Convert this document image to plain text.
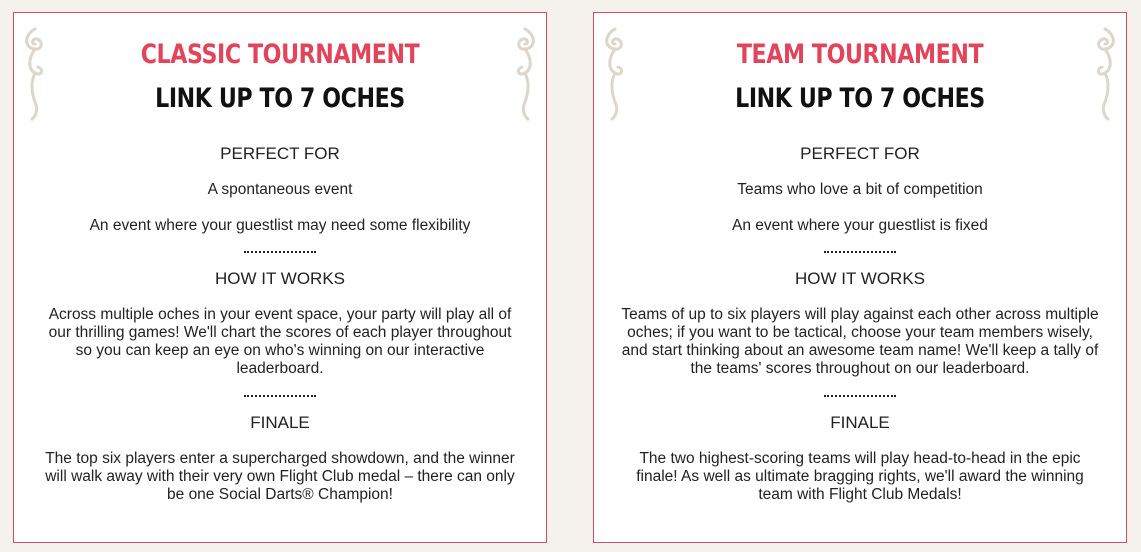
CLASSIC TOURNAMENT
LINK UP TO 7 OCHES
PERFECT FOR
A spontaneous event
An event where your guestlist may need some flexibility
HOW IT WORKS
Across multiple oches in your event space, your party will play all of
our thrilling games! We'll chart the scores of each player throughout
so you can keep an eye on who's winning on our interactive
leaderboard.
FINALE
The top six players enter a supercharged showdown, and the winner
will walk away with their very own Flight Club medal – there can only
be one Social Darts® Champion!
TEAM TOURNAMENT
LINK UP TO 7 OCHES
PERFECT FOR
Teams who love a bit of competition
An event where your guestlist is fixed
HOW IT WORKS
Teams of up to six players will play against each other across multiple
oches; if you want to be tactical, choose your team members wisely,
and start thinking about an awesome team name! We'll keep a tally of
the teams' scores throughout on our leaderboard.
FINALE
The two highest-scoring teams will play head-to-head in the epic
finale! As well as ultimate bragging rights, we'll award the winning
team with Flight Club Medals!
